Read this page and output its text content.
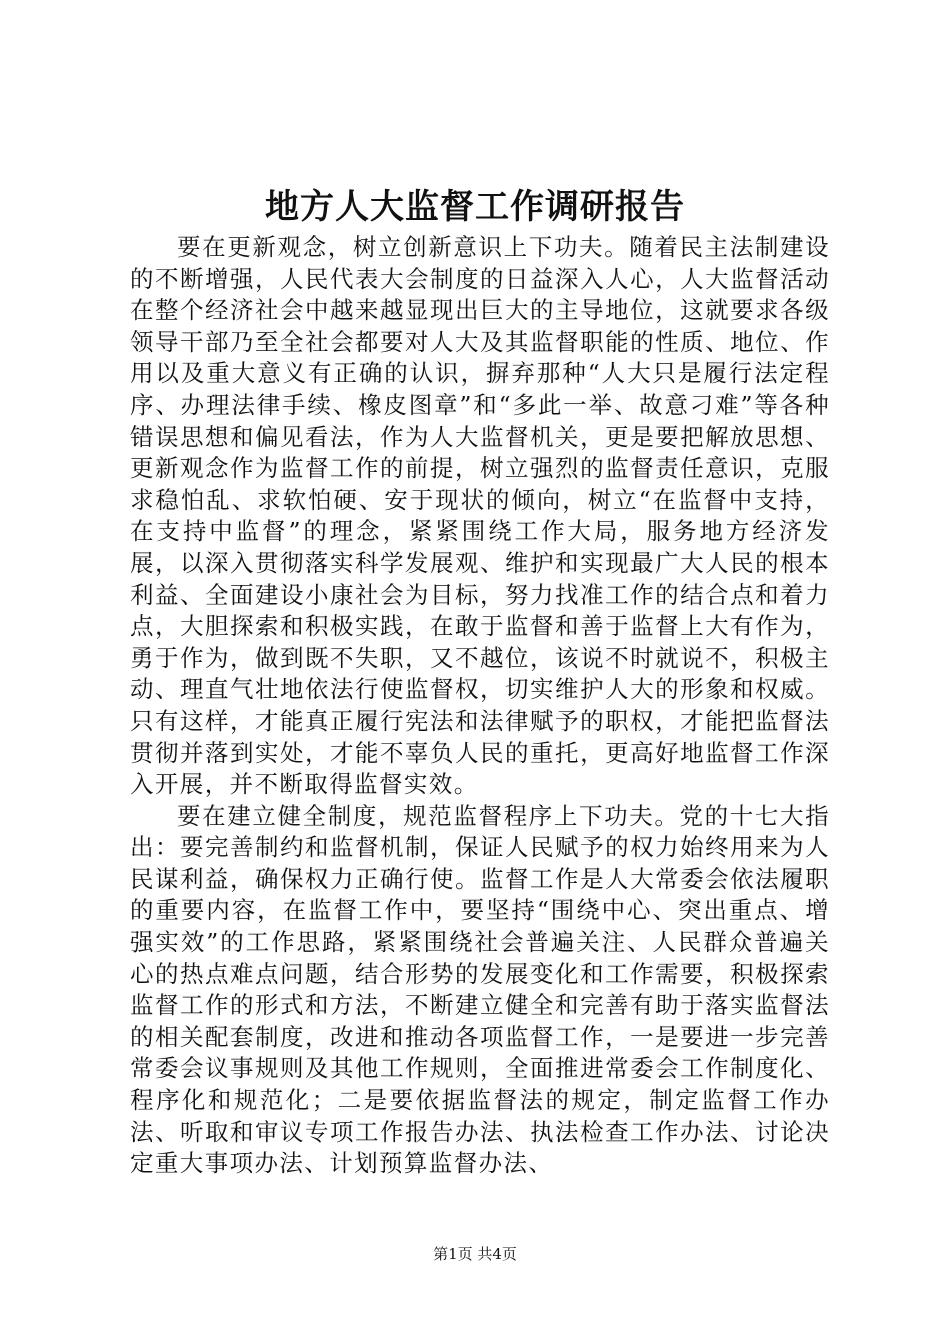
地方人大监督工作调研报告

要在更新观念，树立创新意识上下功夫。随着民主法制建设的不断增强，人民代表大会制度的日益深入人心，人大监督活动在整个经济社会中越来越显现出巨大的主导地位，这就要求各级领导干部乃至全社会都要对人大及其监督职能的性质、地位、作用以及重大意义有正确的认识，摒弃那种“人大只是履行法定程序、办理法律手续、橡皮图章”和“多此一举、故意刁难”等各种错误思想和偏见看法，作为人大监督机关，更是要把解放思想、更新观念作为监督工作的前提，树立强烈的监督责任意识，克服求稳怕乱、求软怕硬、安于现状的倾向，树立“在监督中支持，在支持中监督”的理念，紧紧围绕工作大局，服务地方经济发展，以深入贯彻落实科学发展观、维护和实现最广大人民的根本利益、全面建设小康社会为目标，努力找准工作的结合点和着力点，大胆探索和积极实践，在敢于监督和善于监督上大有作为，勇于作为，做到既不失职，又不越位，该说不时就说不，积极主动、理直气壮地依法行使监督权，切实维护人大的形象和权威。只有这样，才能真正履行宪法和法律赋予的职权，才能把监督法贯彻并落到实处，才能不辜负人民的重托，更高好地监督工作深入开展，并不断取得监督实效。

要在建立健全制度，规范监督程序上下功夫。党的十七大指出：要完善制约和监督机制，保证人民赋予的权力始终用来为人民谋利益，确保权力正确行使。监督工作是人大常委会依法履职的重要内容，在监督工作中，要坚持“围绕中心、突出重点、增强实效”的工作思路，紧紧围绕社会普遍关注、人民群众普遍关心的热点难点问题，结合形势的发展变化和工作需要，积极探索监督工作的形式和方法，不断建立健全和完善有助于落实监督法的相关配套制度，改进和推动各项监督工作，一是要进一步完善常委会议事规则及其他工作规则，全面推进常委会工作制度化、程序化和规范化；二是要依据监督法的规定，制定监督工作办法、听取和审议专项工作报告办法、执法检查工作办法、讨论决定重大事项办法、计划预算监督办法、

第1页 共4页
